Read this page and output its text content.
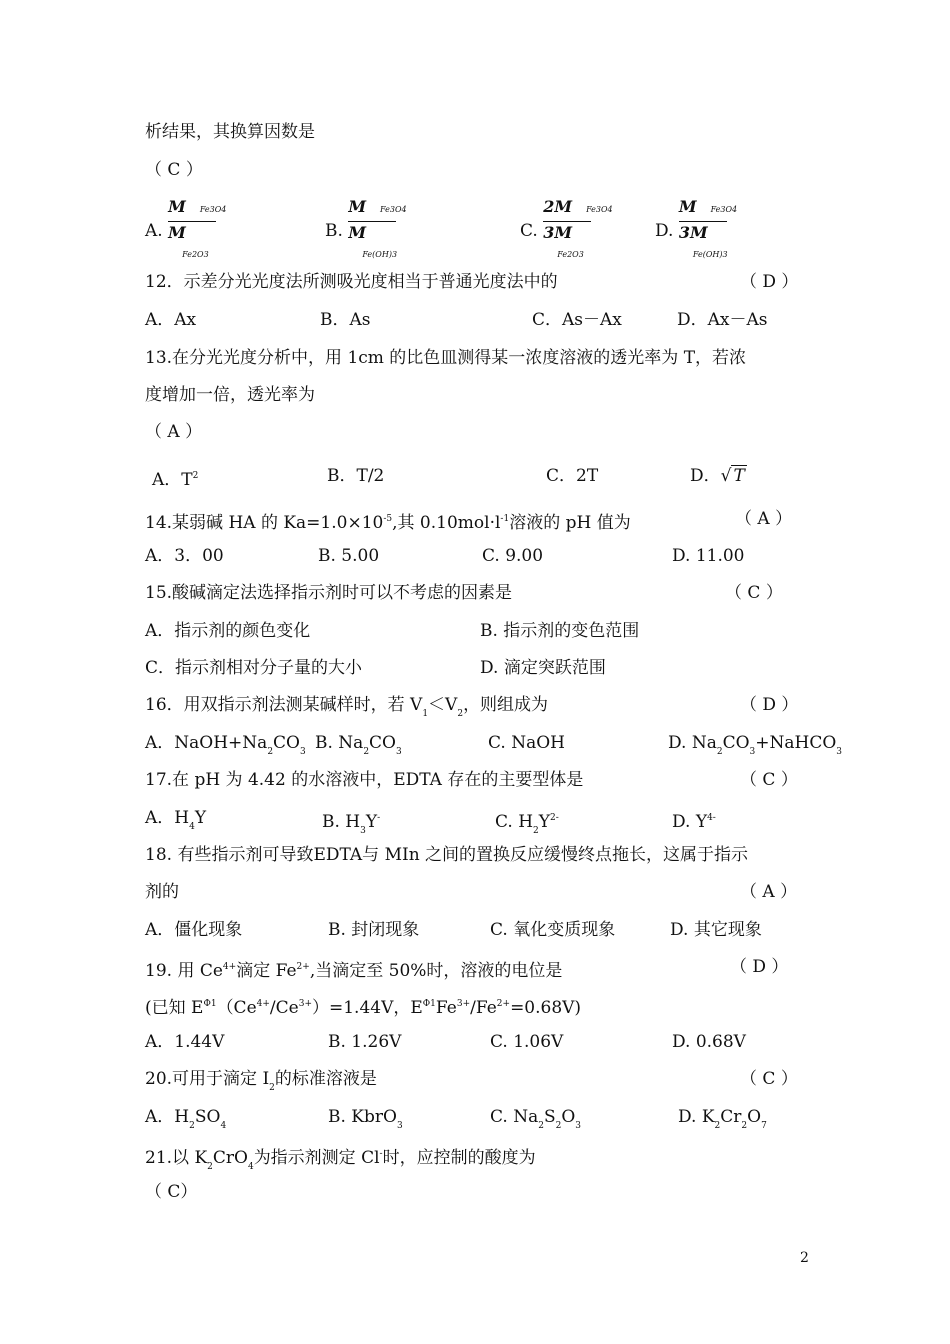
析结果，其换算因数是
（ C ）
A.
M Fe3O4
M
Fe2O3
B.
M Fe3O4
M
Fe(OH)3
C.
2M Fe3O4
3M
Fe2O3
D.
M Fe3O4
3M
Fe(OH)3
12．示差分光光度法所测吸光度相当于普通光度法中的	（ D ）
A．Ax	B．As	C．As－Ax	D．Ax－As
13.在分光光度分析中，用 1cm 的比色皿测得某一浓度溶液的透光率为 T，若浓
度增加一倍，透光率为
（ A ）
A．$T^2$	B．T/2	C．2T	D．√ T
14.某弱碱 HA 的 $Ka=1.0\times 10^{-5}$,其 $0.10mol\cdot l^{-1}$溶液的 pH 值为	（ A ）
A．3．00	B. 5.00	C. 9.00	D. 11.00
15.酸碱滴定法选择指示剂时可以不考虑的因素是	（ C ）
A．指示剂的颜色变化	B. 指示剂的变色范围
C．指示剂相对分子量的大小	D. 滴定突跃范围
16．用双指示剂法测某碱样时，若 $V_1<V_2$，则组成为	（ D ）
A．$NaOH+Na_2CO_3$ B. $Na_2CO_3$	C. NaOH	D. $Na_2CO_3+NaHCO_3$
17.在 pH 为 4.42 的水溶液中，EDTA 存在的主要型体是	（ C ）
A．$H_4Y$	B. $H_3Y^-$	C. $H_2Y^{2-}$	D. $Y^{4-}$
18. 有些指示剂可导致EDTA与 MIn 之间的置换反应缓慢终点拖长，这属于指示
剂的	（ A ）
A．僵化现象	B. 封闭现象	C. 氧化变质现象	D. 其它现象
19. 用 $Ce^{4+}$滴定 $Fe^{2+}$,当滴定至 50%时，溶液的电位是	（ D ）
(已知 $E^{\Phi 1}(Ce^{4+}/Ce^{3+})=1.44V$，$E^{\Phi 1}Fe^{3+}/Fe^{2+}=0.68V$)
A．1.44V	B. 1.26V	C. 1.06V	D. 0.68V
20.可用于滴定 $I_2$的标准溶液是	（ C ）
A．$H_2SO_4$	B. KbrO$_3$	C. $Na_2S_2O_3$	D. $K_2Cr_2O_7$
21.以 $K_2CrO_4$为指示剂测定 Cl-时，应控制的酸度为
（ C）
2
